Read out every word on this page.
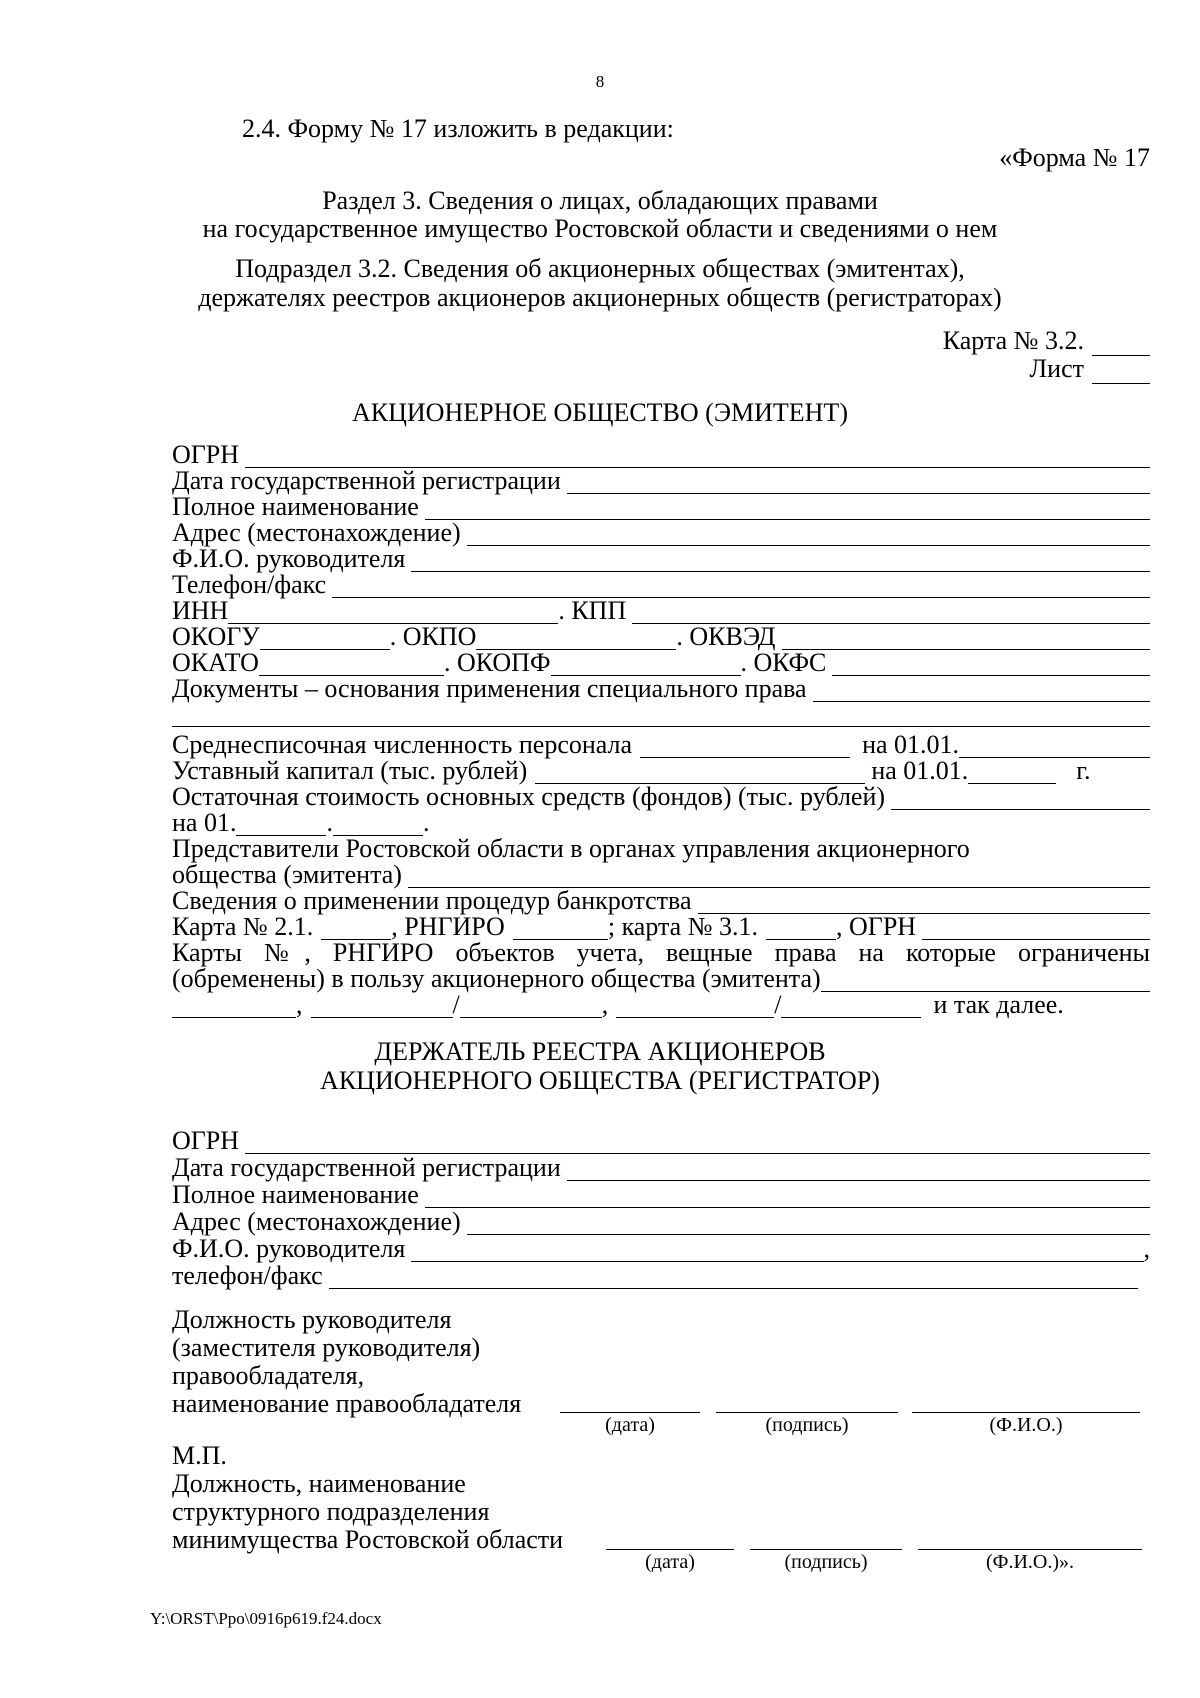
8
2.4. Форму № 17 изложить в редакции:
«Форма № 17
Раздел 3. Сведения о лицах, обладающих правами
на государственное имущество Ростовской области и сведениями о нем
Подраздел 3.2. Сведения об акционерных обществах (эмитентах),
держателях реестров акционеров акционерных обществ (регистраторах)
Карта № 3.2.
Лист
АКЦИОНЕРНОЕ ОБЩЕСТВО (ЭМИТЕНТ)
ОГРН
Дата государственной регистрации
Полное наименование
Адрес (местонахождение)
Ф.И.О. руководителя
Телефон/факс
ИНН	. КПП
ОКОГУ	. ОКПО	. ОКВЭД
ОКАТО	. ОКОПФ	. ОКФС
Документы – основания применения специального права
Среднесписочная численность персонала	на 01.01.
Уставный капитал (тыс. рублей)	на 01.01.	г.
Остаточная стоимость основных средств (фондов) (тыс. рублей)
на 01.	.	.
Представители Ростовской области в органах управления акционерного
общества (эмитента)
Сведения о применении процедур банкротства
Карта № 2.1.	, РНГИРО	; карта № 3.1.	, ОГРН
Карты №, РНГИРО объектов учета, вещные права на которые ограничены
(обременены) в пользу акционерного общества (эмитента)
,	/	,	/	и так далее.
ДЕРЖАТЕЛЬ РЕЕСТРА АКЦИОНЕРОВ
АКЦИОНЕРНОГО ОБЩЕСТВА (РЕГИСТРАТОР)
ОГРН
Дата государственной регистрации
Полное наименование
Адрес (местонахождение)
Ф.И.О. руководителя	,
телефон/факс
Должность руководителя
(заместителя руководителя)
правообладателя,
наименование правообладателя
(дата)	(подпись)	(Ф.И.О.)
М.П.
Должность, наименование
структурного подразделения
минимущества Ростовской области
(дата)	(подпись)	(Ф.И.О.)».
Y:\ORST\Ppo\0916p619.f24.docx
